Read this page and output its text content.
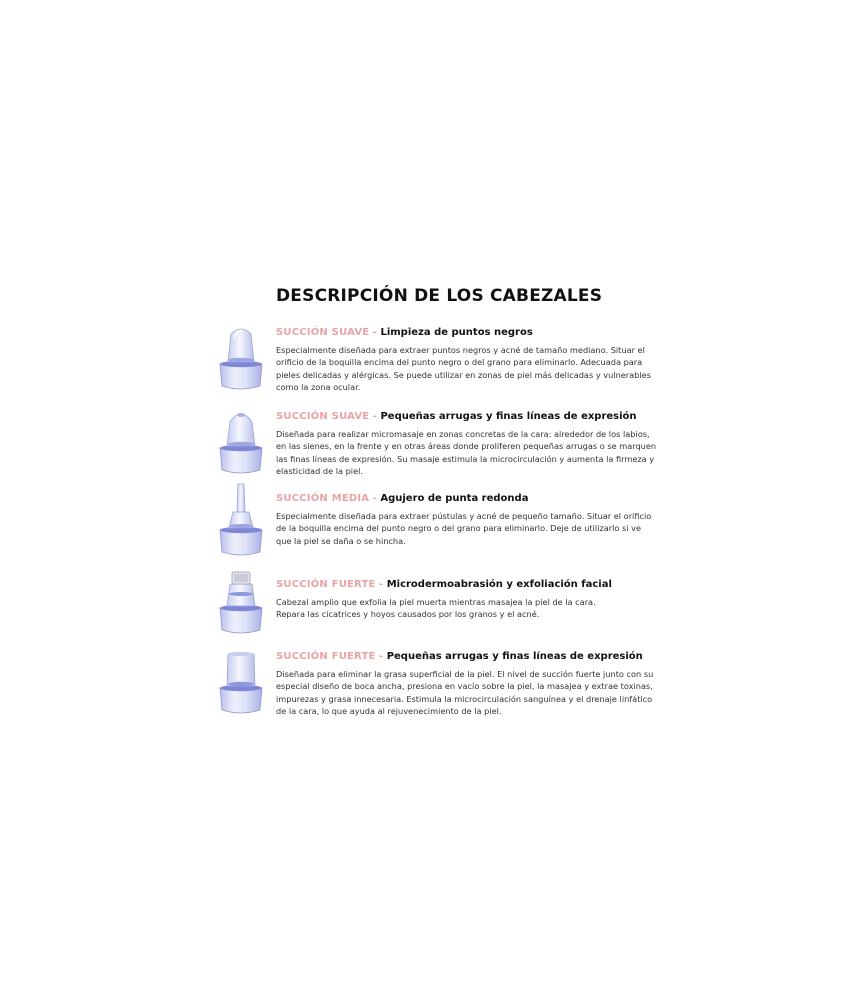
DESCRIPCIÓN DE LOS CABEZALES

SUCCIÓN SUAVE - Limpieza de puntos negros

Especialmente diseñada para extraer puntos negros y acné de tamaño mediano. Situar el
orificio de la boquilla encima del punto negro o del grano para eliminarlo. Adecuada para
pieles delicadas y alérgicas. Se puede utilizar en zonas de piel más delicadas y vulnerables
como la zona ocular.

SUCCIÓN SUAVE - Pequeñas arrugas y finas líneas de expresión

Diseñada para realizar micromasaje en zonas concretas de la cara: alrededor de los labios,
en las sienes, en la frente y en otras áreas donde proliferen pequeñas arrugas o se marquen
las finas líneas de expresión. Su masaje estimula la microcirculación y aumenta la firmeza y
elasticidad de la piel.

SUCCIÓN MEDIA - Agujero de punta redonda

Especialmente diseñada para extraer pústulas y acné de pequeño tamaño. Situar el orificio
de la boquilla encima del punto negro o del grano para eliminarlo. Deje de utilizarlo si ve
que la piel se daña o se hincha.

SUCCIÓN FUERTE - Microdermoabrasión y exfoliación facial

Cabezal amplio que exfolia la piel muerta mientras masajea la piel de la cara.
Repara las cicatrices y hoyos causados por los granos y el acné.

SUCCIÓN FUERTE - Pequeñas arrugas y finas líneas de expresión

Diseñada para eliminar la grasa superficial de la piel. El nivel de succión fuerte junto con su
especial diseño de boca ancha, presiona en vacío sobre la piel, la masajea y extrae toxinas,
impurezas y grasa innecesaria. Estimula la microcirculación sanguínea y el drenaje linfático
de la cara, lo que ayuda al rejuvenecimiento de la piel.
